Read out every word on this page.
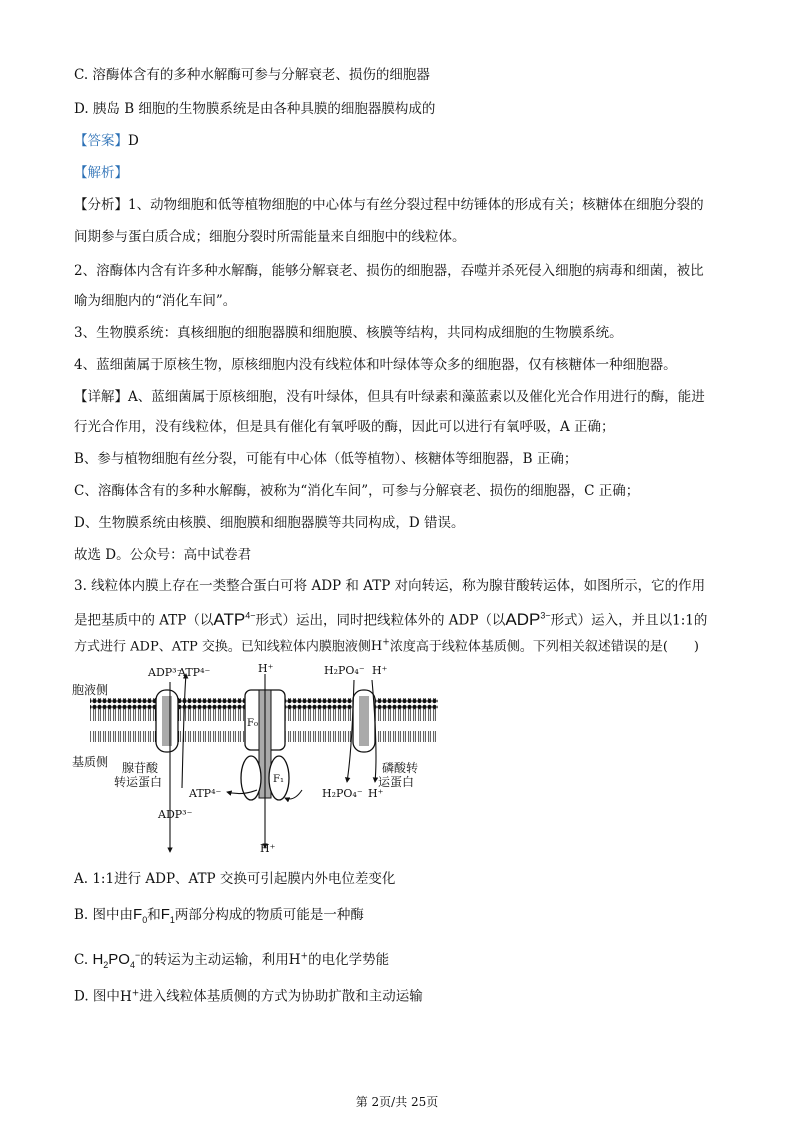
C. 溶酶体含有的多种水解酶可参与分解衰老、损伤的细胞器
D. 胰岛 B 细胞的生物膜系统是由各种具膜的细胞器膜构成的
【答案】D
【解析】
【分析】1、动物细胞和低等植物细胞的中心体与有丝分裂过程中纺锤体的形成有关；核糖体在细胞分裂的
间期参与蛋白质合成；细胞分裂时所需能量来自细胞中的线粒体。
2、溶酶体内含有许多种水解酶，能够分解衰老、损伤的细胞器，吞噬并杀死侵入细胞的病毒和细菌，被比
喻为细胞内的“消化车间”。
3、生物膜系统：真核细胞的细胞器膜和细胞膜、核膜等结构，共同构成细胞的生物膜系统。
4、蓝细菌属于原核生物，原核细胞内没有线粒体和叶绿体等众多的细胞器，仅有核糖体一种细胞器。
【详解】A、蓝细菌属于原核细胞，没有叶绿体，但具有叶绿素和藻蓝素以及催化光合作用进行的酶，能进
行光合作用，没有线粒体，但是具有催化有氧呼吸的酶，因此可以进行有氧呼吸，A 正确；
B、参与植物细胞有丝分裂，可能有中心体（低等植物）、核糖体等细胞器，B 正确；
C、溶酶体含有的多种水解酶，被称为“消化车间”，可参与分解衰老、损伤的细胞器，C 正确；
D、生物膜系统由核膜、细胞膜和细胞器膜等共同构成，D 错误。
故选 D。公众号：高中试卷君
3. 线粒体内膜上存在一类整合蛋白可将 ADP 和 ATP 对向转运，称为腺苷酸转运体，如图所示，它的作用
是把基质中的 ATP（以$ATP^{4-}$形式）运出，同时把线粒体外的 ADP（以$ADP^{3-}$形式）运入，并且以1:1的
方式进行 ADP、ATP 交换。已知线粒体内膜胞液侧H+浓度高于线粒体基质侧。下列相关叙述错误的是(　　)
胞液侧
基质侧
ADP³⁻
ATP⁴⁻	H⁺	H₂PO₄⁻ H⁺
F₀
F₁
腺苷酸
转运蛋白
磷酸转
运蛋白
ATP⁴⁻
ADP³⁻
H₂PO₄⁻ H⁺
H⁺
A. 1:1进行 ADP、ATP 交换可引起膜内外电位差变化
B. 图中由$F_0$和$F_1$两部分构成的物质可能是一种酶
C. $H_2PO_4^-$的转运为主动运输，利用H+的电化学势能
D. 图中H+进入线粒体基质侧的方式为协助扩散和主动运输
第 2页/共 25页
